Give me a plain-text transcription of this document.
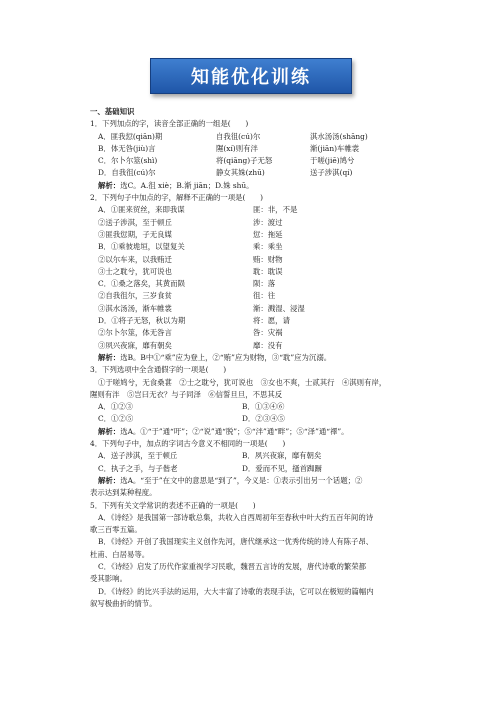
知能优化训练
一、基础知识
1．下列加点的字，读音全部正确的一组是(　　)
A．匪我愆(qiān)期	自我徂(cú)尔	淇水汤汤(shāng)
B．体无咎(jiù)言	隰(xí)则有泮	渐(jiān)车帷裳
C．尔卜尔筮(shì)	将(qiāng)子无怒	于嗟(jiē)鸠兮
D．自我徂(cú)尔	静女其姝(zhū)	送子涉淇(qí)
解析：选C。A.徂 xiè；B.渐 jiān；D.姝 shū。
2．下列句子中加点的字，解释不正确的一项是(　　)
A．①匪来贸丝，来即我谋	匪：非，不是
②送子涉淇，至于顿丘	涉：渡过
③匪我愆期，子无良媒	愆：拖延
B．①乘彼垝垣，以望复关	乘：乘坐
②以尔车来，以我贿迁	贿：财物
③士之耽兮，犹可说也	耽：耽误
C．①桑之落矣，其黄而陨	陨：落
②自我徂尔，三岁食贫	徂：往
③淇水汤汤，渐车帷裳	渐：溅湿、浸湿
D．①将子无怒，秋以为期	将：愿，请
②尔卜尔筮，体无咎言	咎：灾祸
③夙兴夜寐，靡有朝矣	靡：没有
解析：选B。B中①“乘”应为登上，②“贿”应为财物，③“耽”应为沉溺。
3．下列选项中全含通假字的一项是(　　)
①于嗟鸠兮，无食桑葚　②士之耽兮，犹可说也　③女也不爽，士贰其行　④淇则有岸，
隰则有泮　⑤岂曰无衣？与子同泽　⑥信誓旦旦，不思其反
A．①②③	B．①③④⑥
C．①②⑤	D．②③④⑤
解析：选A。①“于”通“吁”；②“说”通“脱”；⑤“泮”通“畔”；⑤“泽”通“襗”。
4．下列句子中，加点的字词古今意义不相同的一项是(　　)
A．送子涉淇，至于顿丘	B．夙兴夜寐，靡有朝矣
C．执子之手，与子偕老	D．爱而不见，搔首踟蹰
解析：选A。“至于”在文中的意思是“到了”，今义是：①表示引出另一个话题；②
表示达到某种程度。
5．下列有关文学常识的表述不正确的一项是(　　)
A．《诗经》是我国第一部诗歌总集，共收入自西周初年至春秋中叶大约五百年间的诗
歌三百零五篇。
B．《诗经》开创了我国现实主义创作先河，唐代继承这一优秀传统的诗人有陈子昂、
杜甫、白居易等。
C．《诗经》启发了历代作家重视学习民歌，魏晋五言诗的发展，唐代诗歌的繁荣都
受其影响。
D．《诗经》的比兴手法的运用，大大丰富了诗歌的表现手法，它可以在极短的篇幅内
叙写极曲折的情节。
